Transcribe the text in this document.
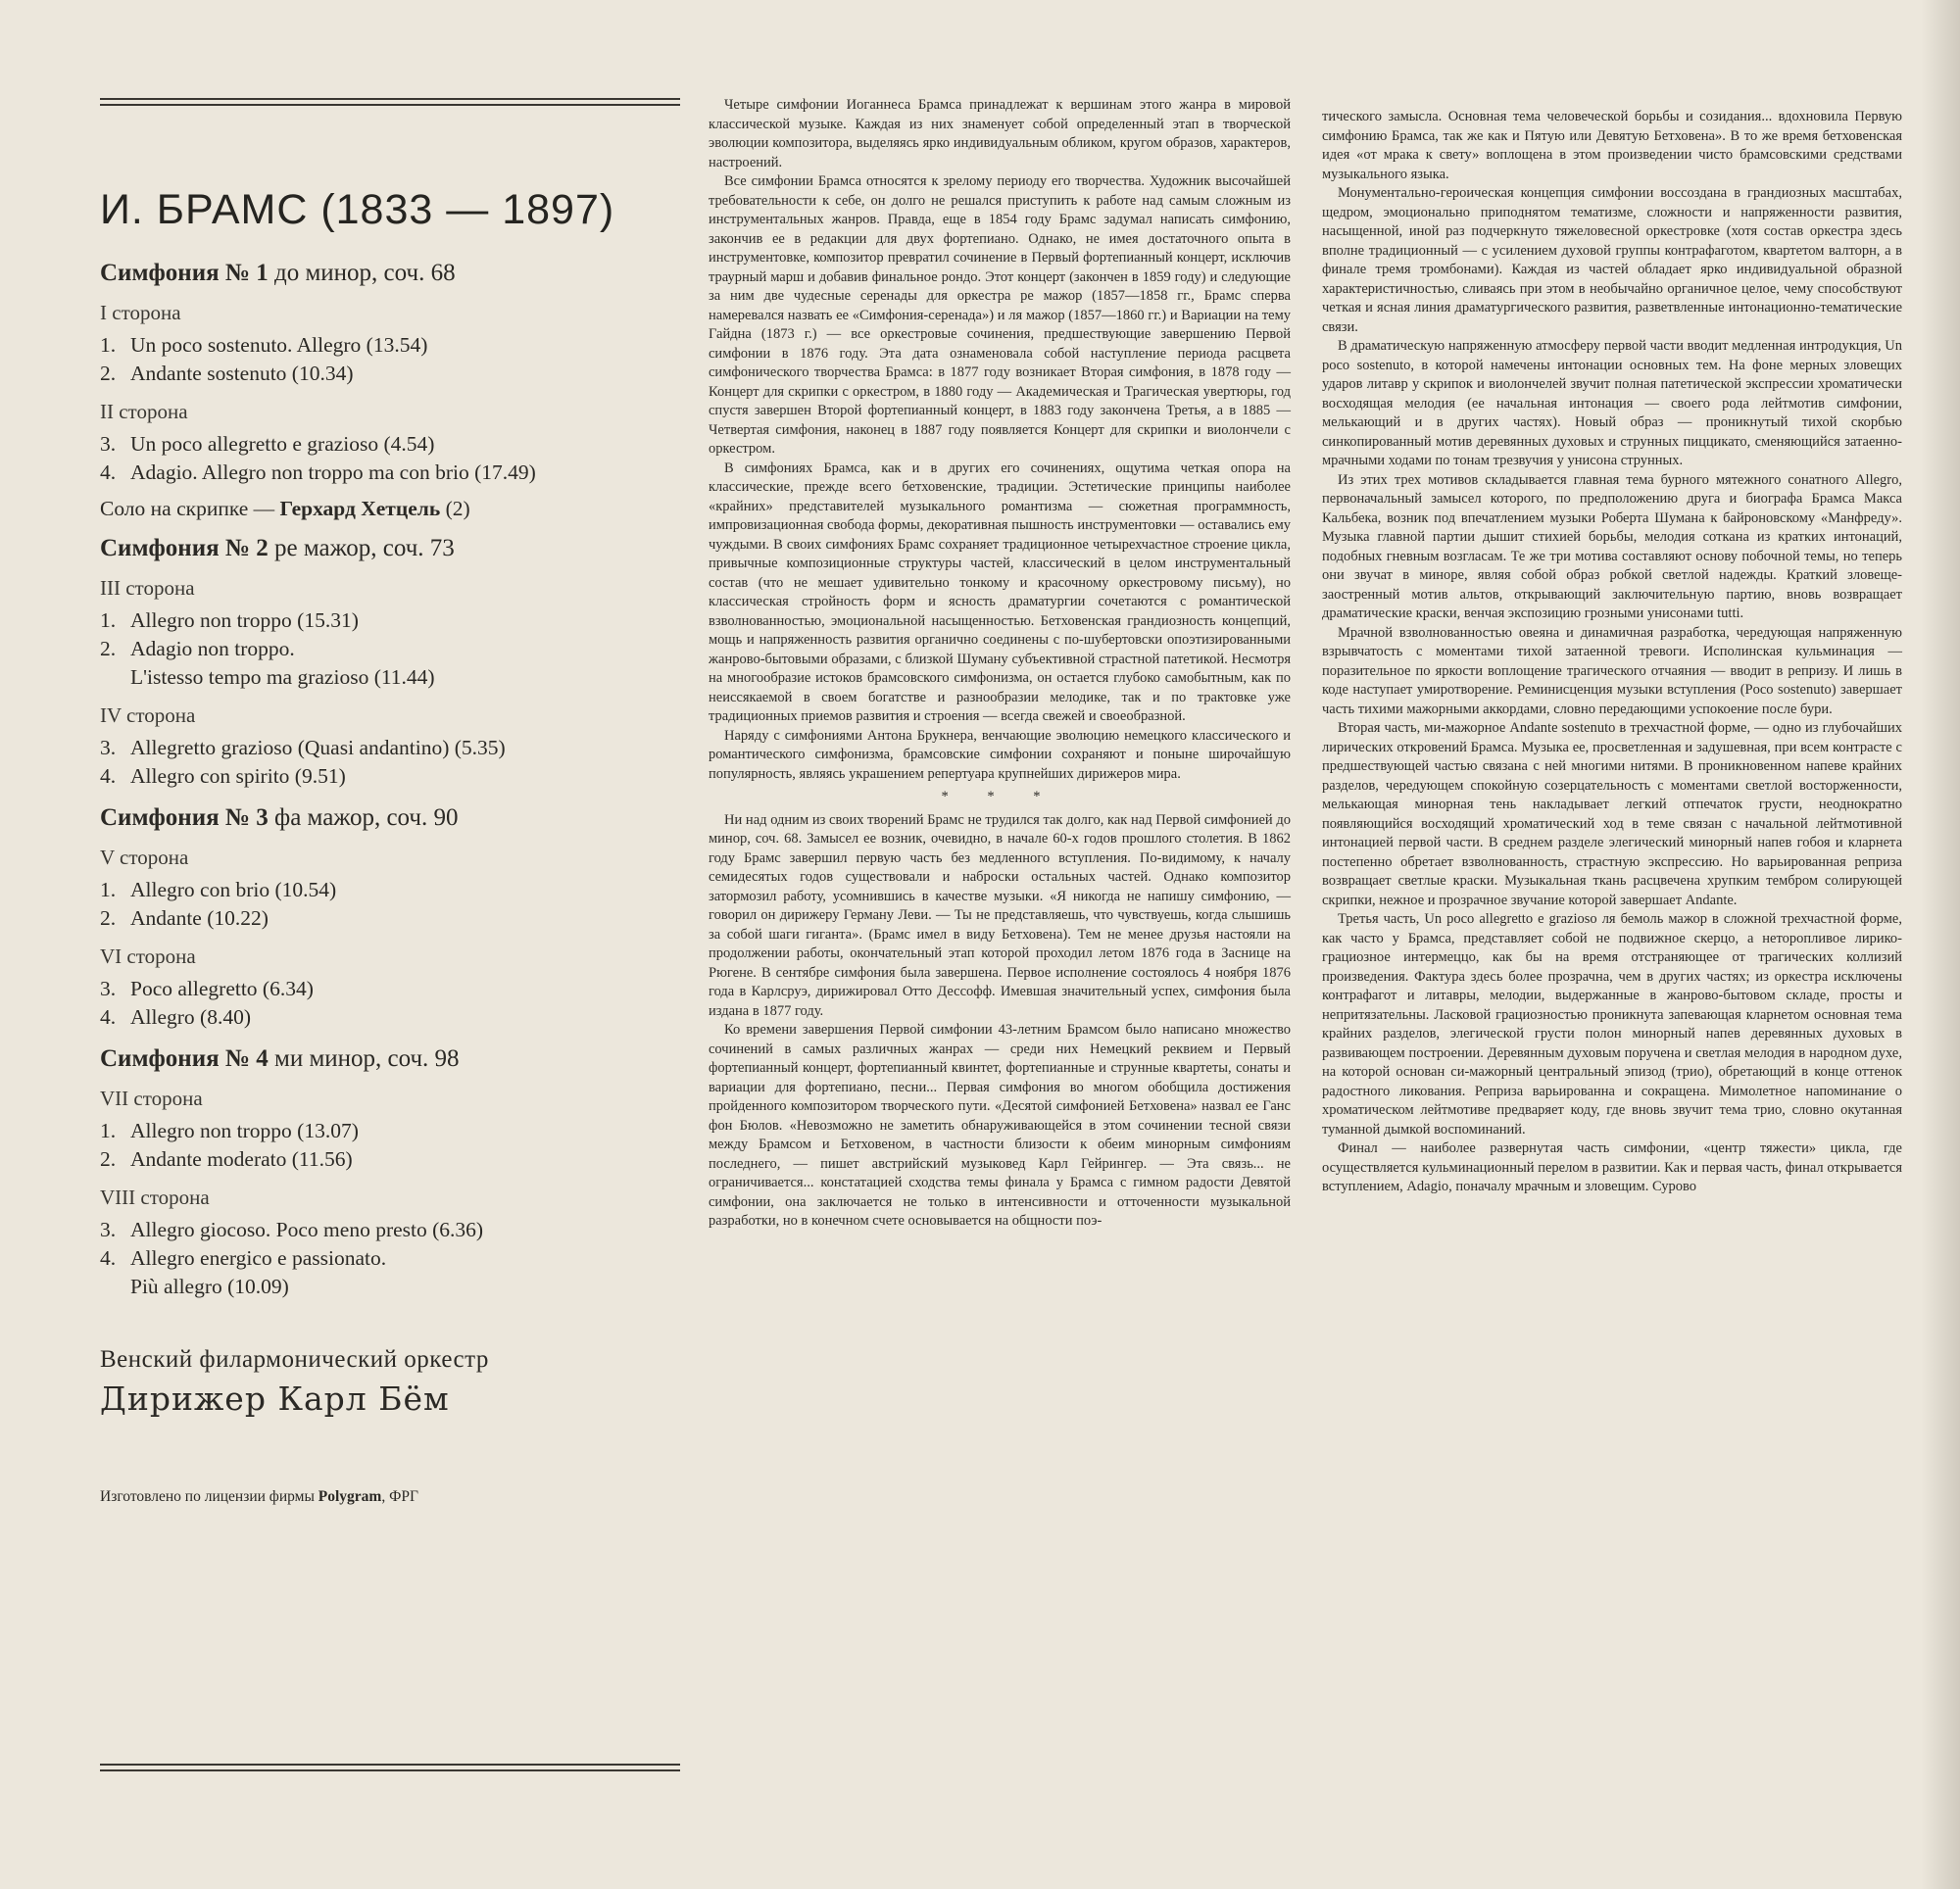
И. БРАМС (1833 — 1897)
Симфония № 1 до минор, соч. 68
I сторона
1. Un poco sostenuto. Allegro (13.54)
2. Andante sostenuto (10.34)
II сторона
3. Un poco allegretto e grazioso (4.54)
4. Adagio. Allegro non troppo ma con brio (17.49)
Соло на скрипке — Герхард Хетцель (2)
Симфония № 2 ре мажор, соч. 73
III сторона
1. Allegro non troppo (15.31)
2. Adagio non troppo.
L'istesso tempo ma grazioso (11.44)
IV сторона
3. Allegretto grazioso (Quasi andantino) (5.35)
4. Allegro con spirito (9.51)
Симфония № 3 фа мажор, соч. 90
V сторона
1. Allegro con brio (10.54)
2. Andante (10.22)
VI сторона
3. Poco allegretto (6.34)
4. Allegro (8.40)
Симфония № 4 ми минор, соч. 98
VII сторона
1. Allegro non troppo (13.07)
2. Andante moderato (11.56)
VIII сторона
3. Allegro giocoso. Poco meno presto (6.36)
4. Allegro energico e passionato.
Più allegro (10.09)
Венский филармонический оркестр
Дирижер Карл Бём
Изготовлено по лицензии фирмы Polygram, ФРГ

Четыре симфонии Иоганнеса Брамса принадлежат к вершинам этого жанра в мировой классической музыке. Каждая из них знаменует собой определенный этап в творческой эволюции композитора, выделяясь ярко индивидуальным обликом, кругом образов, характеров, настроений.

Все симфонии Брамса относятся к зрелому периоду его творчества. Художник высочайшей требовательности к себе, он долго не решался приступить к работе над самым сложным из инструментальных жанров. Правда, еще в 1854 году Брамс задумал написать симфонию, закончив ее в редакции для двух фортепиано. Однако, не имея достаточного опыта в инструментовке, композитор превратил сочинение в Первый фортепианный концерт, исключив траурный марш и добавив финальное рондо. Этот концерт (закончен в 1859 году) и следующие за ним две чудесные серенады для оркестра ре мажор (1857—1858 гг., Брамс сперва намеревался назвать ее «Симфония-серенада») и ля мажор (1857—1860 гг.) и Вариации на тему Гайдна (1873 г.) — все оркестровые сочинения, предшествующие завершению Первой симфонии в 1876 году. Эта дата ознаменовала собой наступление периода расцвета симфонического творчества Брамса: в 1877 году возникает Вторая симфония, в 1878 году — Концерт для скрипки с оркестром, в 1880 году — Академическая и Трагическая увертюры, год спустя завершен Второй фортепианный концерт, в 1883 году закончена Третья, а в 1885 — Четвертая симфония, наконец в 1887 году появляется Концерт для скрипки и виолончели с оркестром.

В симфониях Брамса, как и в других его сочинениях, ощутима четкая опора на классические, прежде всего бетховенские, традиции. Эстетические принципы наиболее «крайних» представителей музыкального романтизма — сюжетная программность, импровизационная свобода формы, декоративная пышность инструментовки — оставались ему чуждыми. В своих симфониях Брамс сохраняет традиционное четырехчастное строение цикла, привычные композиционные структуры частей, классический в целом инструментальный состав (что не мешает удивительно тонкому и красочному оркестровому письму), но классическая стройность форм и ясность драматургии сочетаются с романтической взволнованностью, эмоциональной насыщенностью. Бетховенская грандиозность концепций, мощь и напряженность развития органично соединены с по-шубертовски опоэтизированными жанрово-бытовыми образами, с близкой Шуману субъективной страстной патетикой. Несмотря на многообразие истоков брамсовского симфонизма, он остается глубоко самобытным, как по неиссякаемой в своем богатстве и разнообразии мелодике, так и по трактовке уже традиционных приемов развития и строения — всегда свежей и своеобразной.

Наряду с симфониями Антона Брукнера, венчающие эволюцию немецкого классического и романтического симфонизма, брамсовские симфонии сохраняют и поныне широчайшую популярность, являясь украшением репертуара крупнейших дирижеров мира.

* * *

Ни над одним из своих творений Брамс не трудился так долго, как над Первой симфонией до минор, соч. 68. Замысел ее возник, очевидно, в начале 60-х годов прошлого столетия. В 1862 году Брамс завершил первую часть без медленного вступления. По-видимому, к началу семидесятых годов существовали и наброски остальных частей. Однако композитор затормозил работу, усомнившись в качестве музыки. «Я никогда не напишу симфонию, — говорил он дирижеру Герману Леви. — Ты не представляешь, что чувствуешь, когда слышишь за собой шаги гиганта». (Брамс имел в виду Бетховена). Тем не менее друзья настояли на продолжении работы, окончательный этап которой проходил летом 1876 года в Заснице на Рюгене. В сентябре симфония была завершена. Первое исполнение состоялось 4 ноября 1876 года в Карлсруэ, дирижировал Отто Дессофф. Имевшая значительный успех, симфония была издана в 1877 году.

Ко времени завершения Первой симфонии 43-летним Брамсом было написано множество сочинений в самых различных жанрах — среди них Немецкий реквием и Первый фортепианный концерт, фортепианный квинтет, фортепианные и струнные квартеты, сонаты и вариации для фортепиано, песни... Первая симфония во многом обобщила достижения пройденного композитором творческого пути. «Десятой симфонией Бетховена» назвал ее Ганс фон Бюлов. «Невозможно не заметить обнаруживающейся в этом сочинении тесной связи между Брамсом и Бетховеном, в частности близости к обеим минорным симфониям последнего, — пишет австрийский музыковед Карл Гейрингер. — Эта связь... не ограничивается... констатацией сходства темы финала у Брамса с гимном радости Девятой симфонии, она заключается не только в интенсивности и отточенности музыкальной разработки, но в конечном счете основывается на общности поэ-

тического замысла. Основная тема человеческой борьбы и созидания... вдохновила Первую симфонию Брамса, так же как и Пятую или Девятую Бетховена». В то же время бетховенская идея «от мрака к свету» воплощена в этом произведении чисто брамсовскими средствами музыкального языка.

Монументально-героическая концепция симфонии воссоздана в грандиозных масштабах, щедром, эмоционально приподнятом тематизме, сложности и напряженности развития, насыщенной, иной раз подчеркнуто тяжеловесной оркестровке (хотя состав оркестра здесь вполне традиционный — с усилением духовой группы контрафаготом, квартетом валторн, а в финале тремя тромбонами). Каждая из частей обладает ярко индивидуальной образной характеристичностью, сливаясь при этом в необычайно органичное целое, чему способствуют четкая и ясная линия драматургического развития, разветвленные интонационно-тематические связи.

В драматическую напряженную атмосферу первой части вводит медленная интродукция, Un poco sostenuto, в которой намечены интонации основных тем. На фоне мерных зловещих ударов литавр у скрипок и виолончелей звучит полная патетической экспрессии хроматически восходящая мелодия (ее начальная интонация — своего рода лейтмотив симфонии, мелькающий и в других частях). Новый образ — проникнутый тихой скорбью синкопированный мотив деревянных духовых и струнных пиццикато, сменяющийся затаенно-мрачными ходами по тонам трезвучия у унисона струнных.

Из этих трех мотивов складывается главная тема бурного мятежного сонатного Allegro, первоначальный замысел которого, по предположению друга и биографа Брамса Макса Кальбека, возник под впечатлением музыки Роберта Шумана к байроновскому «Манфреду». Музыка главной партии дышит стихией борьбы, мелодия соткана из кратких интонаций, подобных гневным возгласам. Те же три мотива составляют основу побочной темы, но теперь они звучат в миноре, являя собой образ робкой светлой надежды. Краткий зловеще-заостренный мотив альтов, открывающий заключительную партию, вновь возвращает драматические краски, венчая экспозицию грозными унисонами tutti.

Мрачной взволнованностью овеяна и динамичная разработка, чередующая напряженную взрывчатость с моментами тихой затаенной тревоги. Исполинская кульминация — поразительное по яркости воплощение трагического отчаяния — вводит в репризу. И лишь в коде наступает умиротворение. Реминисценция музыки вступления (Poco sostenuto) завершает часть тихими мажорными аккордами, словно передающими успокоение после бури.

Вторая часть, ми-мажорное Andante sostenuto в трехчастной форме, — одно из глубочайших лирических откровений Брамса. Музыка ее, просветленная и задушевная, при всем контрасте с предшествующей частью связана с ней многими нитями. В проникновенном напеве крайних разделов, чередующем спокойную созерцательность с моментами светлой восторженности, мелькающая минорная тень накладывает легкий отпечаток грусти, неоднократно появляющийся восходящий хроматический ход в теме связан с начальной лейтмотивной интонацией первой части. В среднем разделе элегический минорный напев гобоя и кларнета постепенно обретает взволнованность, страстную экспрессию. Но варьированная реприза возвращает светлые краски. Музыкальная ткань расцвечена хрупким тембром солирующей скрипки, нежное и прозрачное звучание которой завершает Andante.

Третья часть, Un poco allegretto e grazioso ля бемоль мажор в сложной трехчастной форме, как часто у Брамса, представляет собой не подвижное скерцо, а неторопливое лирико-грациозное интермеццо, как бы на время отстраняющее от трагических коллизий произведения. Фактура здесь более прозрачна, чем в других частях; из оркестра исключены контрафагот и литавры, мелодии, выдержанные в жанрово-бытовом складе, просты и непритязательны. Ласковой грациозностью проникнута запевающая кларнетом основная тема крайних разделов, элегической грусти полон минорный напев деревянных духовых в развивающем построении. Деревянным духовым поручена и светлая мелодия в народном духе, на которой основан си-мажорный центральный эпизод (трио), обретающий в конце оттенок радостного ликования. Реприза варьированна и сокращена. Мимолетное напоминание о хроматическом лейтмотиве предваряет коду, где вновь звучит тема трио, словно окутанная туманной дымкой воспоминаний.

Финал — наиболее развернутая часть симфонии, «центр тяжести» цикла, где осуществляется кульминационный перелом в развитии. Как и первая часть, финал открывается вступлением, Adagio, поначалу мрачным и зловещим. Сурово
